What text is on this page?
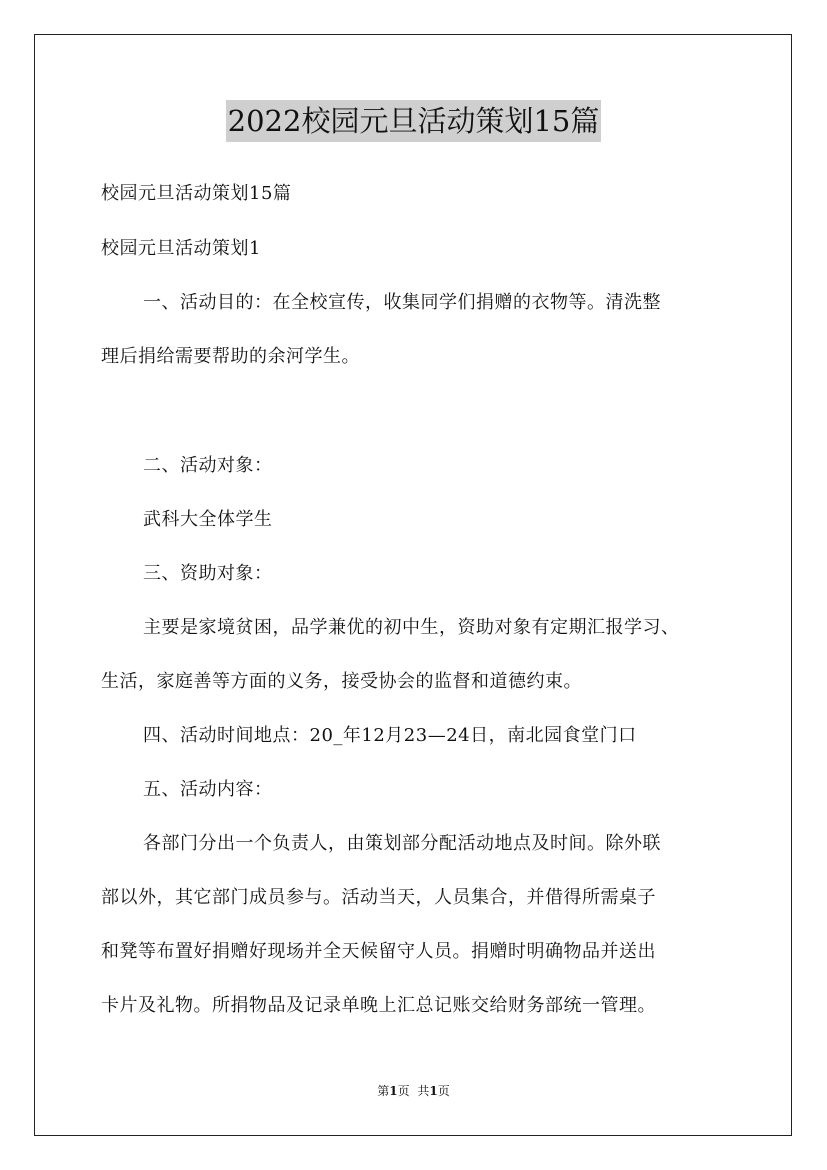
2022校园元旦活动策划15篇
校园元旦活动策划15篇
校园元旦活动策划1
一、活动目的：在全校宣传，收集同学们捐赠的衣物等。清洗整
理后捐给需要帮助的余河学生。
二、活动对象：
武科大全体学生
三、资助对象：
主要是家境贫困，品学兼优的初中生，资助对象有定期汇报学习、
生活，家庭善等方面的义务，接受协会的监督和道德约束。
四、活动时间地点：20_年12月23—24日，南北园食堂门口
五、活动内容：
各部门分出一个负责人，由策划部分配活动地点及时间。除外联
部以外，其它部门成员参与。活动当天，人员集合，并借得所需桌子
和凳等布置好捐赠好现场并全天候留守人员。捐赠时明确物品并送出
卡片及礼物。所捐物品及记录单晚上汇总记账交给财务部统一管理。
第1页 共1页
